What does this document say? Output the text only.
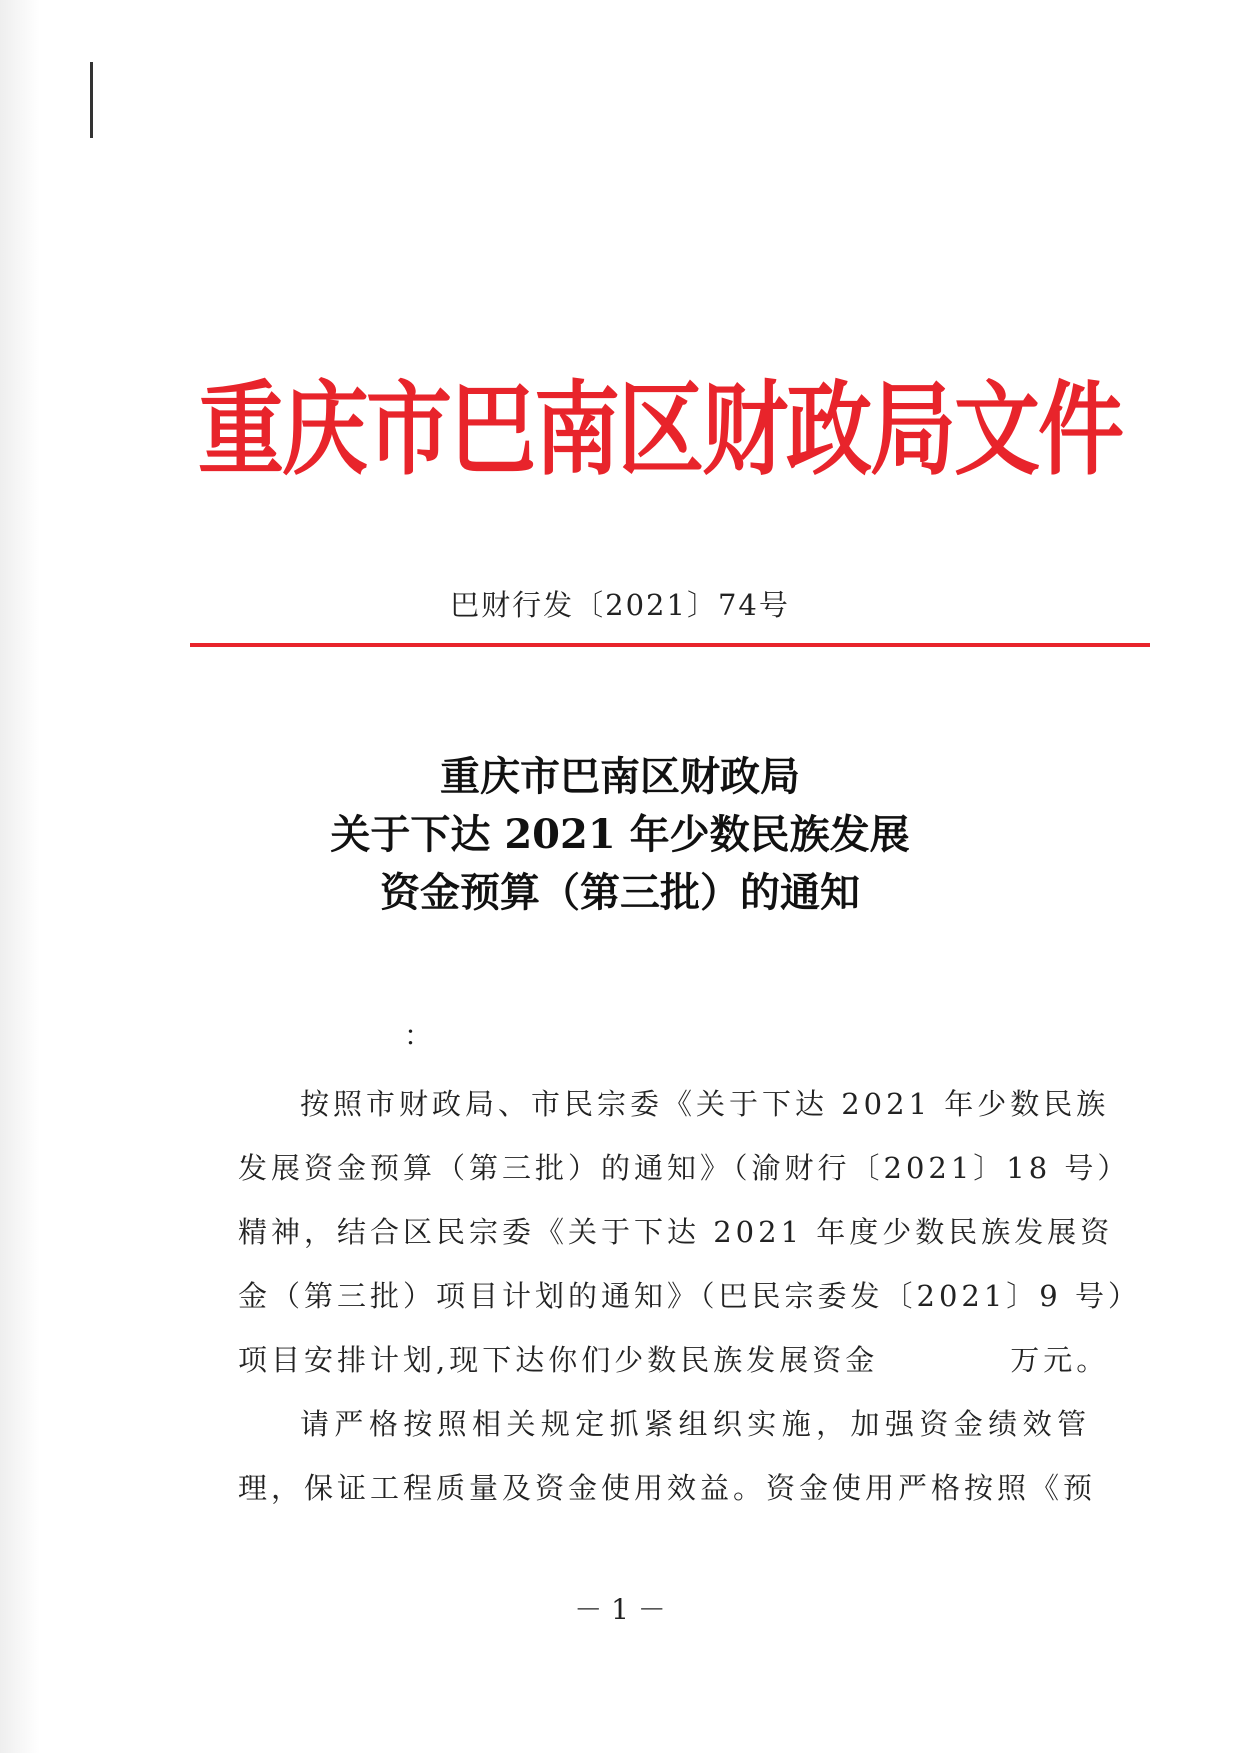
重庆市巴南区财政局文件
巴财行发〔2021〕74号
重庆市巴南区财政局
关于下达 2021 年少数民族发展
资金预算（第三批）的通知
：
按照市财政局、市民宗委《关于下达 2021 年少数民族
发展资金预算（第三批）的通知》（渝财行〔2021〕18 号）
精神，结合区民宗委《关于下达 2021 年度少数民族发展资
金（第三批）项目计划的通知》（巴民宗委发〔2021〕9 号）
项目安排计划,现下达你们少数民族发展资金　　　　万元。
请严格按照相关规定抓紧组织实施，加强资金绩效管
理，保证工程质量及资金使用效益。资金使用严格按照《预
－ 1 －
